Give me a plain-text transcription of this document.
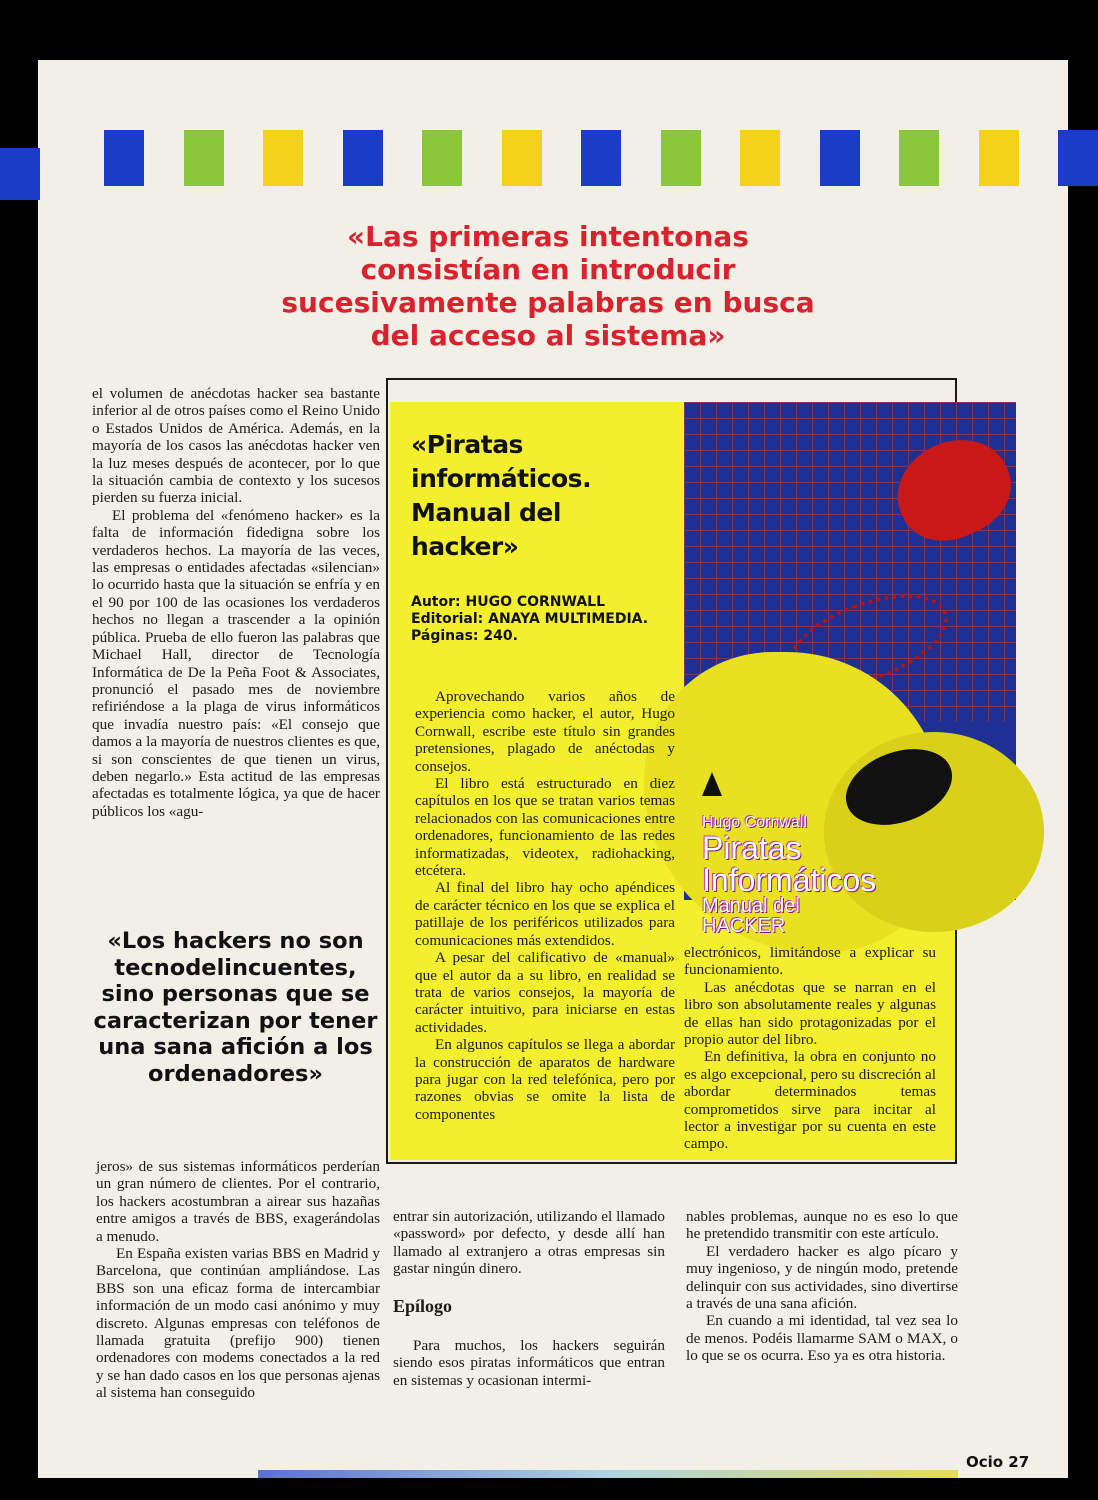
«Las primeras intentonas consistían en introducir sucesivamente palabras en busca del acceso al sistema»

el volumen de anécdotas hacker sea bastante inferior al de otros países como el Reino Unido o Estados Unidos de América. Además, en la mayoría de los casos las anécdotas hacker ven la luz meses después de acontecer, por lo que la situación cambia de contexto y los sucesos pierden su fuerza inicial.

El problema del «fenómeno hacker» es la falta de información fidedigna sobre los verdaderos hechos. La mayoría de las veces, las empresas o entidades afectadas «silencian» lo ocurrido hasta que la situación se enfría y en el 90 por 100 de las ocasiones los verdaderos hechos no llegan a trascender a la opinión pública. Prueba de ello fueron las palabras que Michael Hall, director de Tecnología Informática de De la Peña Foot & Associates, pronunció el pasado mes de noviembre refiriéndose a la plaga de virus informáticos que invadía nuestro país: «El consejo que damos a la mayoría de nuestros clientes es que, si son conscientes de que tienen un virus, deben negarlo.» Esta actitud de las empresas afectadas es totalmente lógica, ya que de hacer públicos los «agu-

«Los hackers no son tecnodelincuentes, sino personas que se caracterizan por tener una sana afición a los ordenadores»

jeros» de sus sistemas informáticos perderían un gran número de clientes. Por el contrario, los hackers acostumbran a airear sus hazañas entre amigos a través de BBS, exagerándolas a menudo.

En España existen varias BBS en Madrid y Barcelona, que continúan ampliándose. Las BBS son una eficaz forma de intercambiar información de un modo casi anónimo y muy discreto. Algunas empresas con teléfonos de llamada gratuita (prefijo 900) tienen ordenadores con modems conectados a la red y se han dado casos en los que personas ajenas al sistema han conseguido

Hugo Cornwall
Piratas
Informáticos
Manual del
HACKER
«Piratas informáticos. Manual del hacker»
Autor: HUGO CORNWALL
Editorial: ANAYA MULTIMEDIA.
Páginas: 240.

Aprovechando varios años de experiencia como hacker, el autor, Hugo Cornwall, escribe este título sin grandes pretensiones, plagado de anéctodas y consejos.

El libro está estructurado en diez capítulos en los que se tratan varios temas relacionados con las comunicaciones entre ordenadores, funcionamiento de las redes informatizadas, videotex, radiohacking, etcétera.

Al final del libro hay ocho apéndices de carácter técnico en los que se explica el patillaje de los periféricos utilizados para comunicaciones más extendidos.

A pesar del calificativo de «manual» que el autor da a su libro, en realidad se trata de varios consejos, la mayoría de carácter intuitivo, para iniciarse en estas actividades.

En algunos capítulos se llega a abordar la construcción de aparatos de hardware para jugar con la red telefónica, pero por razones obvias se omite la lista de componentes

electrónicos, limitándose a explicar su funcionamiento.

Las anécdotas que se narran en el libro son absolutamente reales y algunas de ellas han sido protagonizadas por el propio autor del libro.

En definitiva, la obra en conjunto no es algo excepcional, pero su discreción al abordar determinados temas comprometidos sirve para incitar al lector a investigar por su cuenta en este campo.

entrar sin autorización, utilizando el llamado «password» por defecto, y desde allí han llamado al extranjero a otras empresas sin gastar ningún dinero.

Epílogo

Para muchos, los hackers seguirán siendo esos piratas informáticos que entran en sistemas y ocasionan intermi-

nables problemas, aunque no es eso lo que he pretendido transmitir con este artículo.

El verdadero hacker es algo pícaro y muy ingenioso, y de ningún modo, pretende delinquir con sus actividades, sino divertirse a través de una sana afición.

En cuando a mi identidad, tal vez sea lo de menos. Podéis llamarme SAM o MAX, o lo que se os ocurra. Eso ya es otra historia.

Ocio 27
